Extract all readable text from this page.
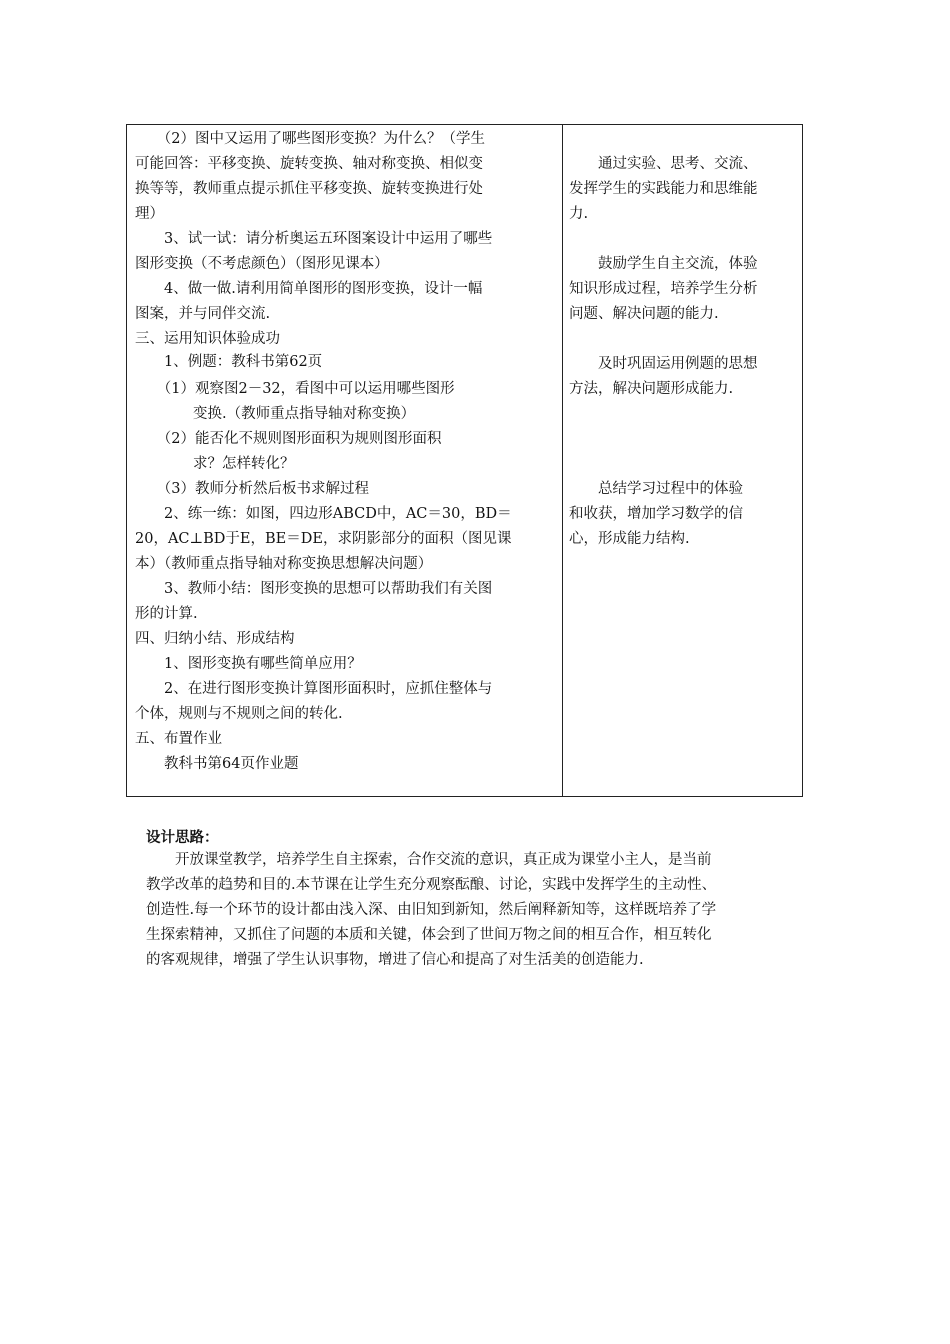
　　（2）图中又运用了哪些图形变换？为什么？（学生
可能回答：平移变换、旋转变换、轴对称变换、相似变
换等等，教师重点提示抓住平移变换、旋转变换进行处
理）
　　3、试一试：请分析奥运五环图案设计中运用了哪些
图形变换（不考虑颜色）（图形见课本）
　　4、做一做.请利用简单图形的图形变换，设计一幅
图案，并与同伴交流.
三、运用知识体验成功
　　1、例题：教科书第62页
　　（1）观察图2－32，看图中可以运用哪些图形
　　　　变换.（教师重点指导轴对称变换）
　　（2）能否化不规则图形面积为规则图形面积
　　　　求？怎样转化？
　　（3）教师分析然后板书求解过程
　　2、练一练：如图，四边形ABCD中，AC＝30，BD＝
20，AC⊥BD于E，BE＝DE，求阴影部分的面积（图见课
本）（教师重点指导轴对称变换思想解决问题）
　　3、教师小结：图形变换的思想可以帮助我们有关图
形的计算.
四、归纳小结、形成结构
　　1、图形变换有哪些简单应用？
　　2、在进行图形变换计算图形面积时，应抓住整体与
个体，规则与不规则之间的转化.
五、布置作业
　　教科书第64页作业题
　　通过实验、思考、交流、
发挥学生的实践能力和思维能
力.
　　鼓励学生自主交流，体验
知识形成过程，培养学生分析
问题、解决问题的能力.
　　及时巩固运用例题的思想
方法，解决问题形成能力.
　　总结学习过程中的体验
和收获，增加学习数学的信
心，形成能力结构.
设计思路：
　　开放课堂教学，培养学生自主探索，合作交流的意识，真正成为课堂小主人，是当前
教学改革的趋势和目的.本节课在让学生充分观察酝酿、讨论，实践中发挥学生的主动性、
创造性.每一个环节的设计都由浅入深、由旧知到新知，然后阐释新知等，这样既培养了学
生探索精神，又抓住了问题的本质和关键，体会到了世间万物之间的相互合作，相互转化
的客观规律，增强了学生认识事物，增进了信心和提高了对生活美的创造能力.
